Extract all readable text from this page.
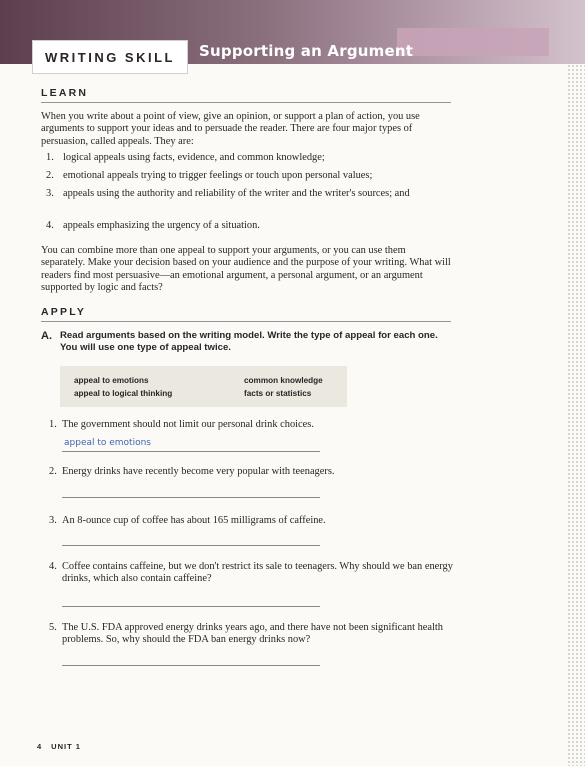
WRITING SKILL Supporting an Argument
LEARN

When you write about a point of view, give an opinion, or support a plan of action, you use arguments to support your ideas and to persuade the reader. There are four major types of persuasion, called appeals. They are:

1. logical appeals using facts, evidence, and common knowledge;
2. emotional appeals trying to trigger feelings or touch upon personal values;
3. appeals using the authority and reliability of the writer and the writer's sources; and
4. appeals emphasizing the urgency of a situation.

You can combine more than one appeal to support your arguments, or you can use them separately. Make your decision based on your audience and the purpose of your writing. What will readers find most persuasive—an emotional argument, a personal argument, or an argument supported by logic and facts?

APPLY
A. Read arguments based on the writing model. Write the type of appeal for each one. You will use one type of appeal twice.
appeal to emotions
appeal to logical thinking
common knowledge
facts or statistics
1. The government should not limit our personal drink choices.
appeal to emotions
2. Energy drinks have recently become very popular with teenagers.
3. An 8-ounce cup of coffee has about 165 milligrams of caffeine.
4. Coffee contains caffeine, but we don't restrict its sale to teenagers. Why should we ban energy drinks, which also contain caffeine?
5. The U.S. FDA approved energy drinks years ago, and there have not been significant health problems. So, why should the FDA ban energy drinks now?
4 UNIT 1
